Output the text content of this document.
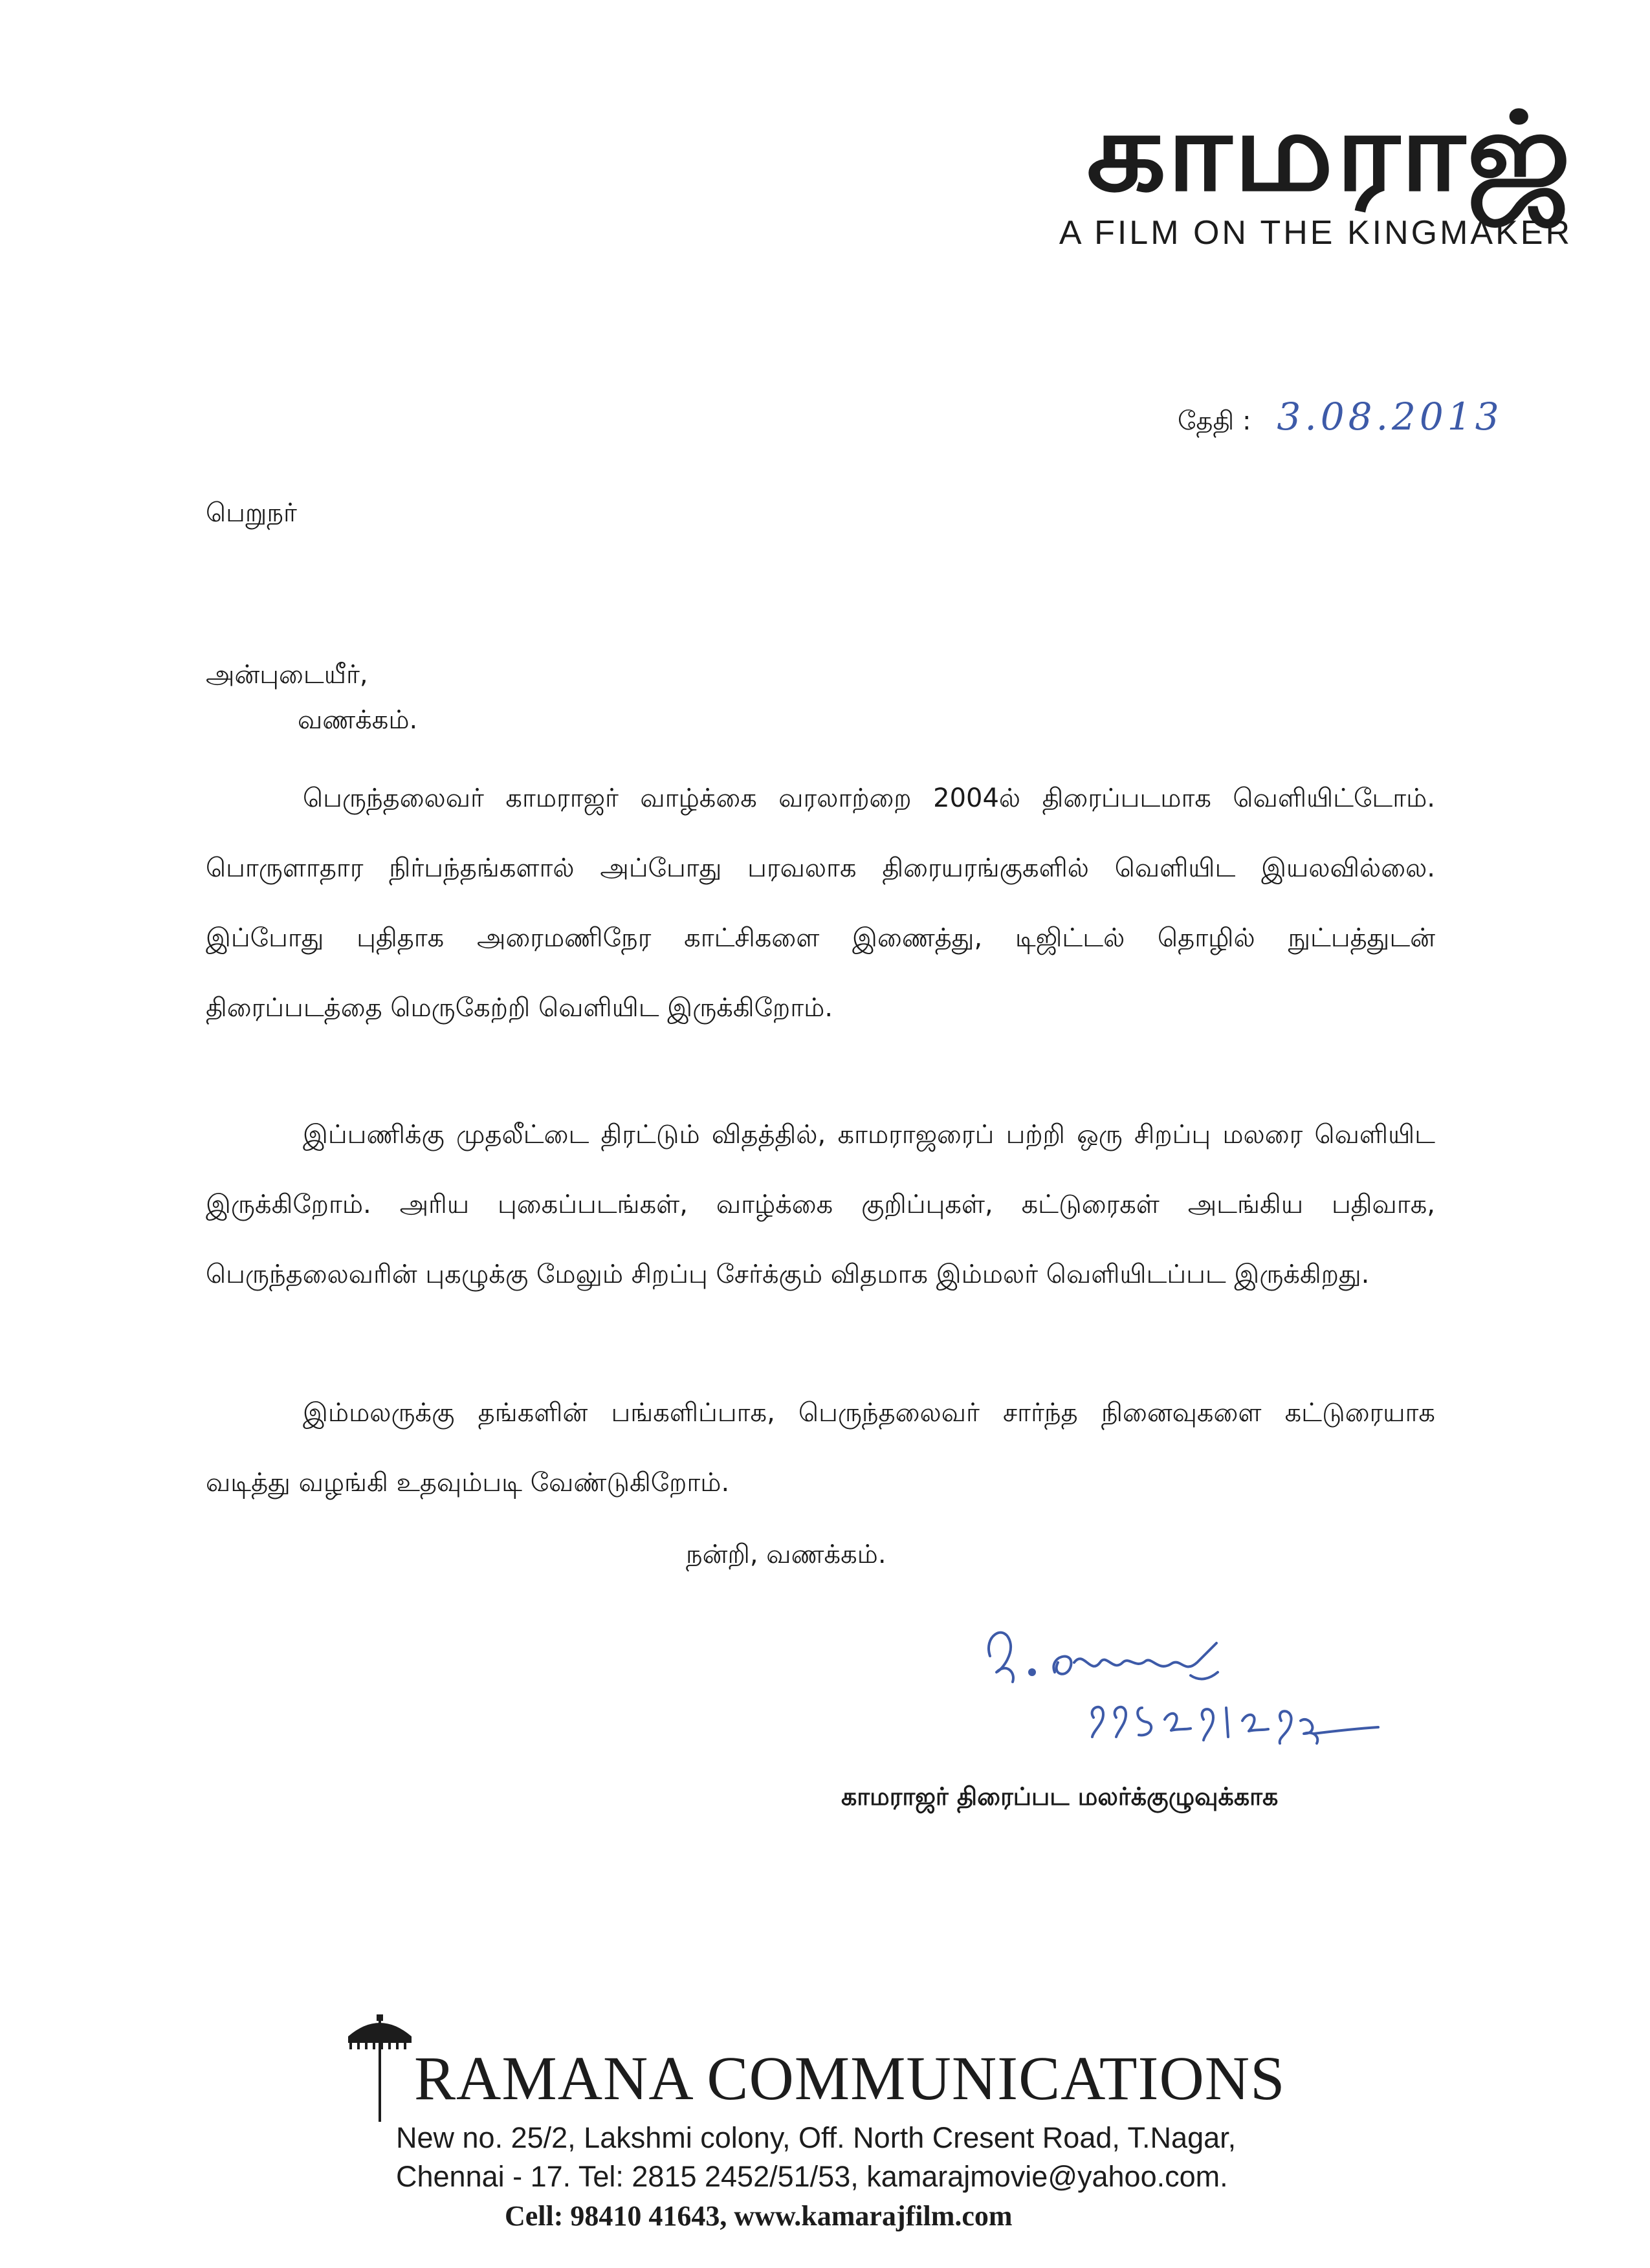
காமராஜ்
A FILM ON THE KINGMAKER
தேதி : 3.08.2013
பெறுநர்
அன்புடையீர்,
வணக்கம்.

பெருந்தலைவர் காமராஜர் வாழ்க்கை வரலாற்றை 2004ல் திரைப்படமாக வெளியிட்டோம். பொருளாதார நிர்பந்தங்களால் அப்போது பரவலாக திரையரங்குகளில் வெளியிட இயலவில்லை. இப்போது புதிதாக அரைமணிநேர காட்சிகளை இணைத்து, டிஜிட்டல் தொழில் நுட்பத்துடன் திரைப்படத்தை மெருகேற்றி வெளியிட இருக்கிறோம்.

இப்பணிக்கு முதலீட்டை திரட்டும் விதத்தில், காமராஜரைப் பற்றி ஒரு சிறப்பு மலரை வெளியிட இருக்கிறோம். அரிய புகைப்படங்கள், வாழ்க்கை குறிப்புகள், கட்டுரைகள் அடங்கிய பதிவாக, பெருந்தலைவரின் புகழுக்கு மேலும் சிறப்பு சேர்க்கும் விதமாக இம்மலர் வெளியிடப்பட இருக்கிறது.

இம்மலருக்கு தங்களின் பங்களிப்பாக, பெருந்தலைவர் சார்ந்த நினைவுகளை கட்டுரையாக வடித்து வழங்கி உதவும்படி வேண்டுகிறோம்.

நன்றி, வணக்கம்.
காமராஜர் திரைப்பட மலர்க்குழுவுக்காக
RAMANA COMMUNICATIONS
New no. 25/2, Lakshmi colony, Off. North Cresent Road, T.Nagar,
Chennai - 17. Tel: 2815 2452/51/53, kamarajmovie@yahoo.com.
Cell: 98410 41643, www.kamarajfilm.com
